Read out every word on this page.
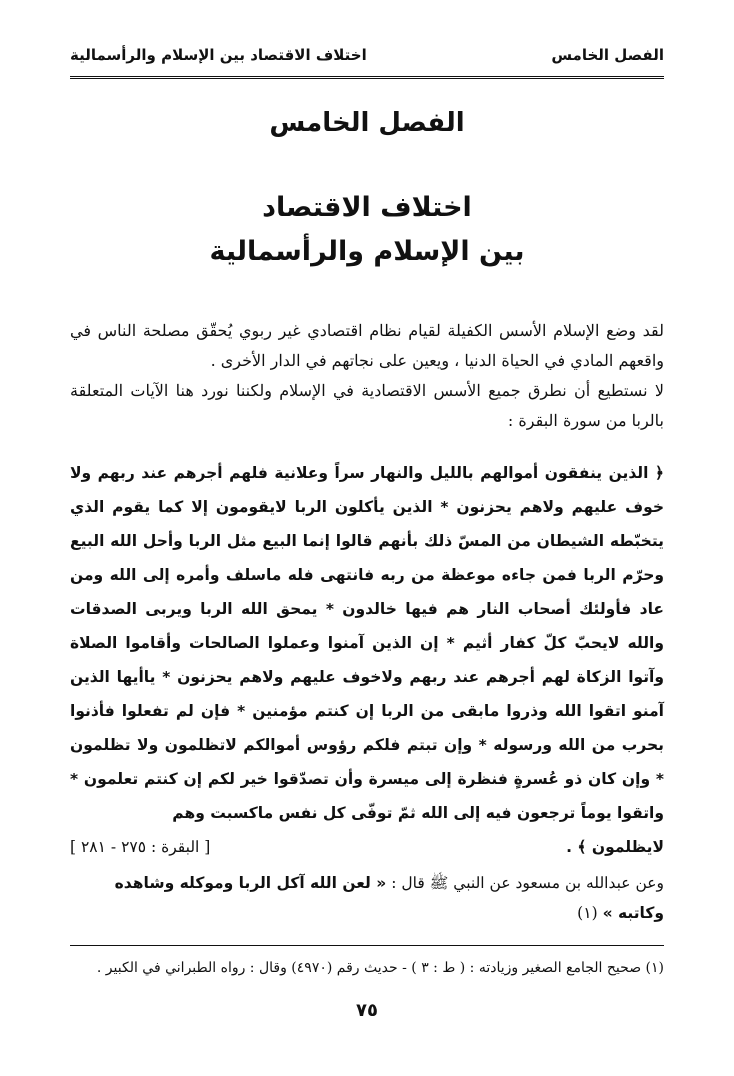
الفصل الخامس
اختلاف الاقتصاد بين الإسلام والرأسمالية
الفصل الخامس
اختلاف الاقتصاد
بين الإسلام والرأسمالية

لقد وضع الإسلام الأسس الكفيلة لقيام نظام اقتصادي غير ربوي يُحقّق مصلحة الناس في واقعهم المادي في الحياة الدنيا ، ويعين على نجاتهم في الدار الأخرى .

لا نستطيع أن نطرق جميع الأسس الاقتصادية في الإسلام ولكننا نورد هنا الآيات المتعلقة بالربا من سورة البقرة :

﴿ الذين ينفقون أموالهم بالليل والنهار سراً وعلانية فلهم أجرهم عند ربهم ولا خوف عليهم ولاهم يحزنون * الذين يأكلون الربا لايقومون إلا كما يقوم الذي يتخبّطه الشيطان من المسّ ذلك بأنهم قالوا إنما البيع مثل الربا وأحل الله البيع وحرّم الربا فمن جاءه موعظة من ربه فانتهى فله ماسلف وأمره إلى الله ومن عاد فأولئك أصحاب النار هم فيها خالدون * يمحق الله الربا ويربى الصدقات والله لايحبّ كلّ كفار أثيم * إن الذين آمنوا وعملوا الصالحات وأقاموا الصلاة وآتوا الزكاة لهم أجرهم عند ربهم ولاخوف عليهم ولاهم يحزنون * ياأيها الذين آمنو اتقوا الله وذروا مابقى من الربا إن كنتم مؤمنين * فإن لم تفعلوا فأذنوا بحرب من الله ورسوله * وإن تبتم فلكم رؤوس أموالكم لاتظلمون ولا تظلمون * وإن كان ذو عُسرةٍ فنظرة إلى ميسرة وأن تصدّقوا خير لكم إن كنتم تعلمون * واتقوا يوماً ترجعون فيه إلى الله ثمّ توفّى كل نفس ماكسبت وهم

لايظلمون ﴾ .
[ البقرة : ٢٧٥ - ٢٨١ ]

وعن عبدالله بن مسعود عن النبي ﷺ قال : « لعن الله آكل الربا وموكله وشاهده وكاتبه » (١)

(١) صحيح الجامع الصغير وزيادته : ( ط : ٣ ) - حديث رقم (٤٩٧٠) وقال : رواه الطبراني في الكبير .
٧٥
